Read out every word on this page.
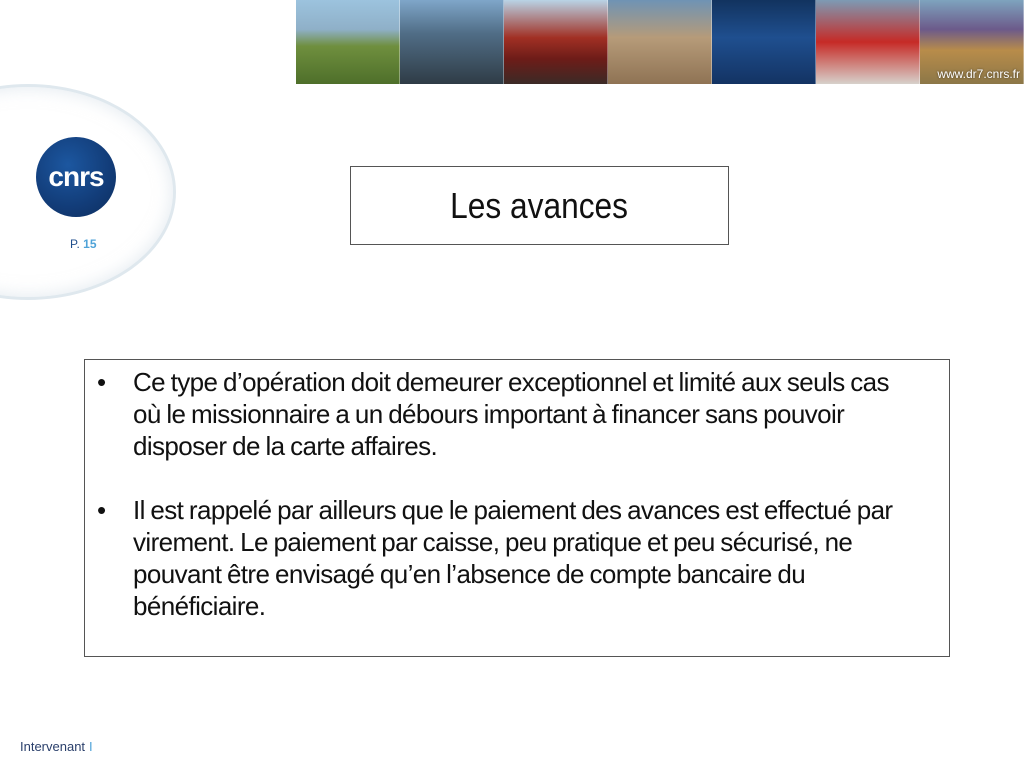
www.dr7.cnrs.fr
cnrs
P. 15
Les avances
•	Ce type d’opération doit demeurer exceptionnel et limité aux seuls cas où le missionnaire a un débours important à financer sans pouvoir disposer de la carte affaires.
•	Il est rappelé par ailleurs que le paiement des avances est effectué par virement. Le paiement par caisse, peu pratique et peu sécurisé, ne pouvant être envisagé qu’en l’absence de compte bancaire du bénéficiaire.
Intervenant I
